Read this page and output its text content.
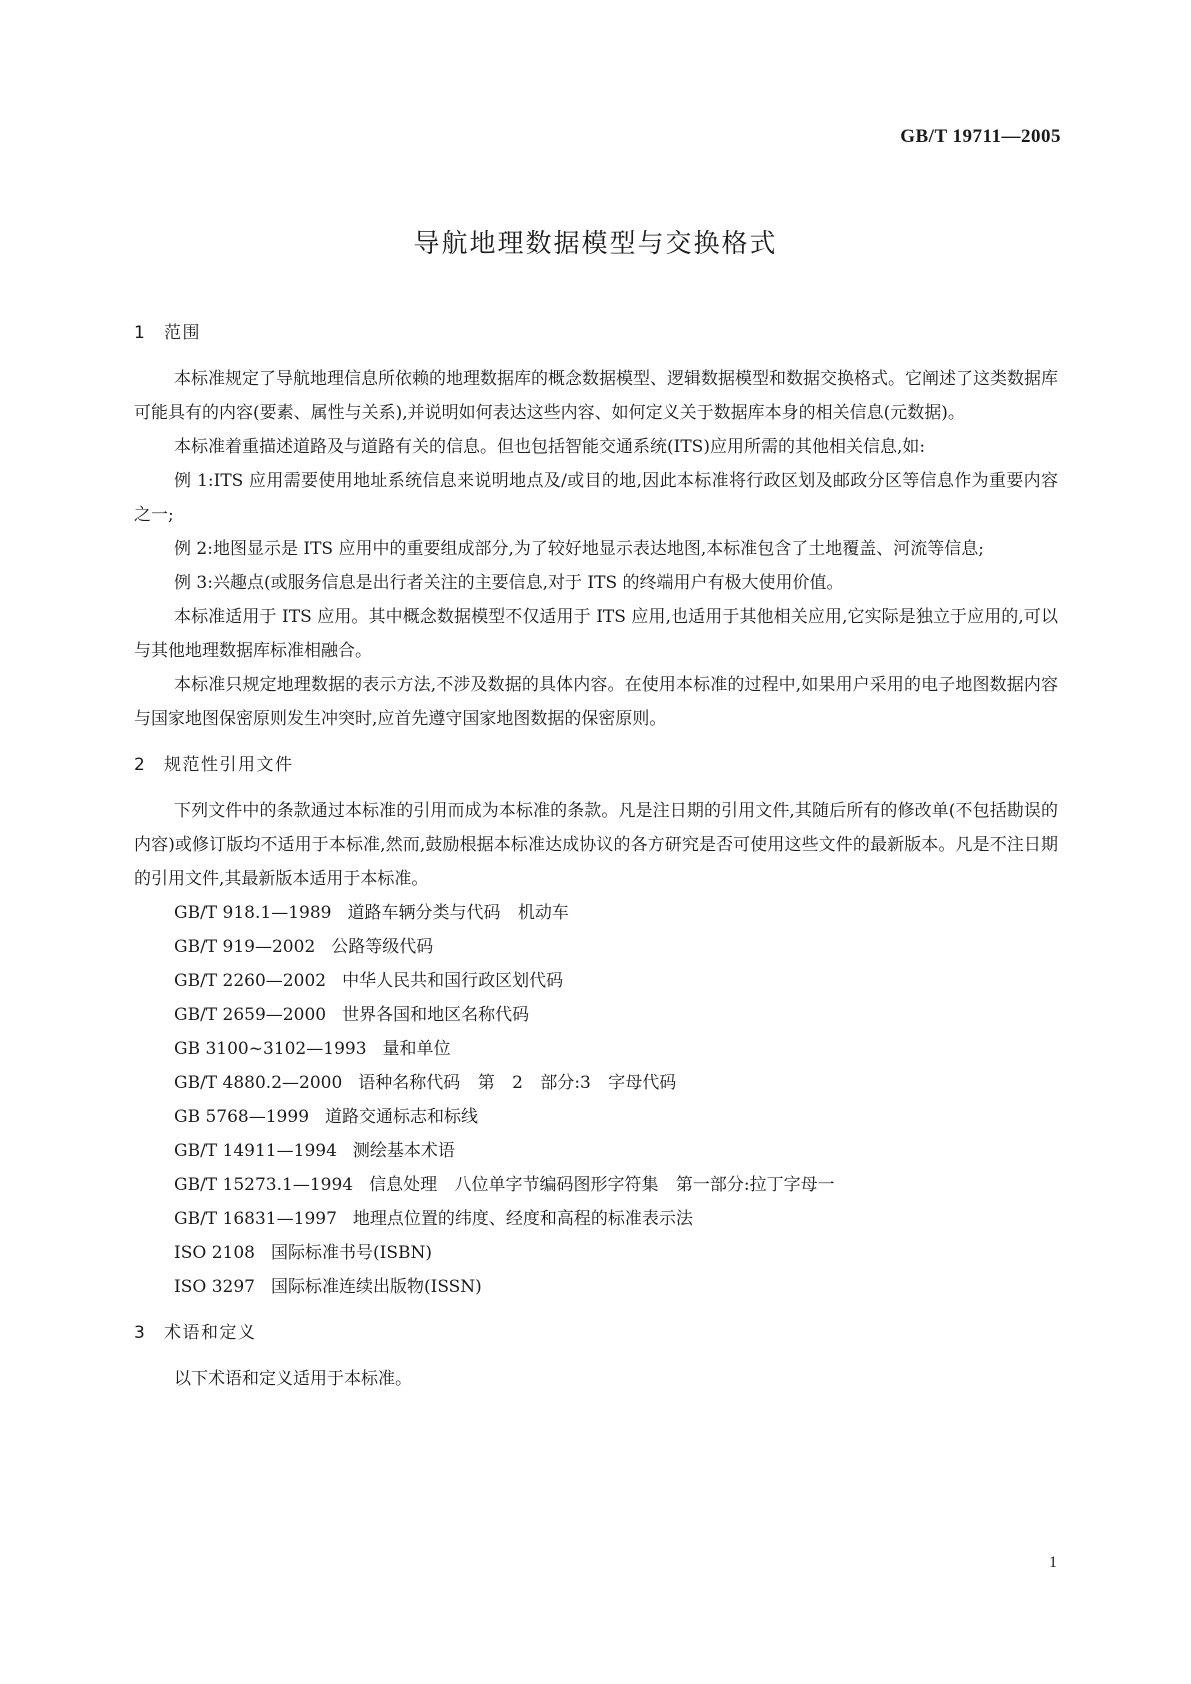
GB/T 19711—2005
导航地理数据模型与交换格式
1 范围

本标准规定了导航地理信息所依赖的地理数据库的概念数据模型、逻辑数据模型和数据交换格式。它阐述了这类数据库可能具有的内容(要素、属性与关系),并说明如何表达这些内容、如何定义关于数据库本身的相关信息(元数据)。

本标准着重描述道路及与道路有关的信息。但也包括智能交通系统(ITS)应用所需的其他相关信息,如:

例 1:ITS 应用需要使用地址系统信息来说明地点及/或目的地,因此本标准将行政区划及邮政分区等信息作为重要内容之一;

例 2:地图显示是 ITS 应用中的重要组成部分,为了较好地显示表达地图,本标准包含了土地覆盖、河流等信息;

例 3:兴趣点(或服务信息是出行者关注的主要信息,对于 ITS 的终端用户有极大使用价值。

本标准适用于 ITS 应用。其中概念数据模型不仅适用于 ITS 应用,也适用于其他相关应用,它实际是独立于应用的,可以与其他地理数据库标准相融合。

本标准只规定地理数据的表示方法,不涉及数据的具体内容。在使用本标准的过程中,如果用户采用的电子地图数据内容与国家地图保密原则发生冲突时,应首先遵守国家地图数据的保密原则。

2 规范性引用文件

下列文件中的条款通过本标准的引用而成为本标准的条款。凡是注日期的引用文件,其随后所有的修改单(不包括勘误的内容)或修订版均不适用于本标准,然而,鼓励根据本标准达成协议的各方研究是否可使用这些文件的最新版本。凡是不注日期的引用文件,其最新版本适用于本标准。

GB/T 918.1—1989 道路车辆分类与代码 机动车
GB/T 919—2002 公路等级代码
GB/T 2260—2002 中华人民共和国行政区划代码
GB/T 2659—2000 世界各国和地区名称代码
GB 3100~3102—1993 量和单位
GB/T 4880.2—2000 语种名称代码 第 2 部分:3 字母代码
GB 5768—1999 道路交通标志和标线
GB/T 14911—1994 测绘基本术语
GB/T 15273.1—1994 信息处理 八位单字节编码图形字符集 第一部分:拉丁字母一
GB/T 16831—1997 地理点位置的纬度、经度和高程的标准表示法
ISO 2108 国际标准书号(ISBN)
ISO 3297 国际标准连续出版物(ISSN)
3 术语和定义

以下术语和定义适用于本标准。

1
